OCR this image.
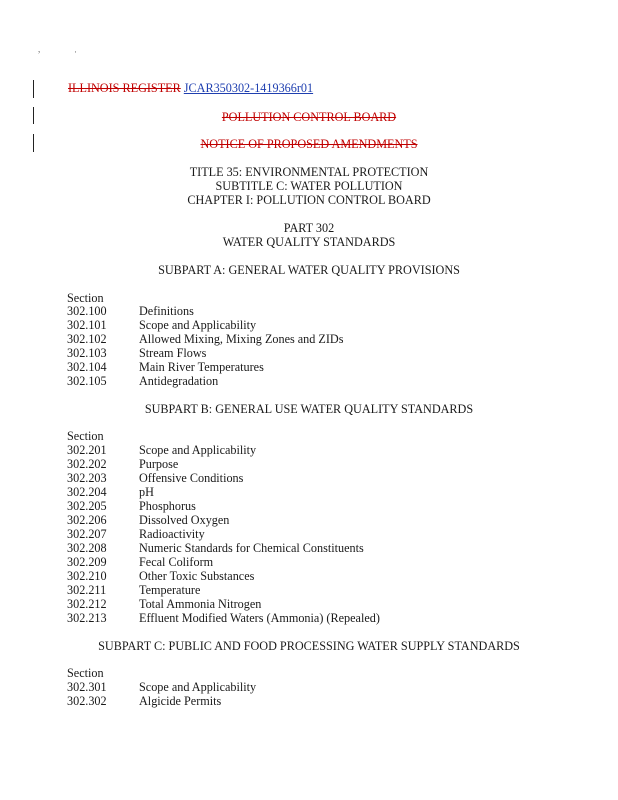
,	·
ILLINOIS REGISTER JCAR350302-1419366r01
POLLUTION CONTROL BOARD
NOTICE OF PROPOSED AMENDMENTS
TITLE 35: ENVIRONMENTAL PROTECTION
SUBTITLE C: WATER POLLUTION
CHAPTER I: POLLUTION CONTROL BOARD
PART 302
WATER QUALITY STANDARDS
SUBPART A: GENERAL WATER QUALITY PROVISIONS
Section
302.100	Definitions
302.101	Scope and Applicability
302.102	Allowed Mixing, Mixing Zones and ZIDs
302.103	Stream Flows
302.104	Main River Temperatures
302.105	Antidegradation
SUBPART B: GENERAL USE WATER QUALITY STANDARDS
Section
302.201	Scope and Applicability
302.202	Purpose
302.203	Offensive Conditions
302.204	pH
302.205	Phosphorus
302.206	Dissolved Oxygen
302.207	Radioactivity
302.208	Numeric Standards for Chemical Constituents
302.209	Fecal Coliform
302.210	Other Toxic Substances
302.211	Temperature
302.212	Total Ammonia Nitrogen
302.213	Effluent Modified Waters (Ammonia) (Repealed)
SUBPART C: PUBLIC AND FOOD PROCESSING WATER SUPPLY STANDARDS
Section
302.301	Scope and Applicability
302.302	Algicide Permits
